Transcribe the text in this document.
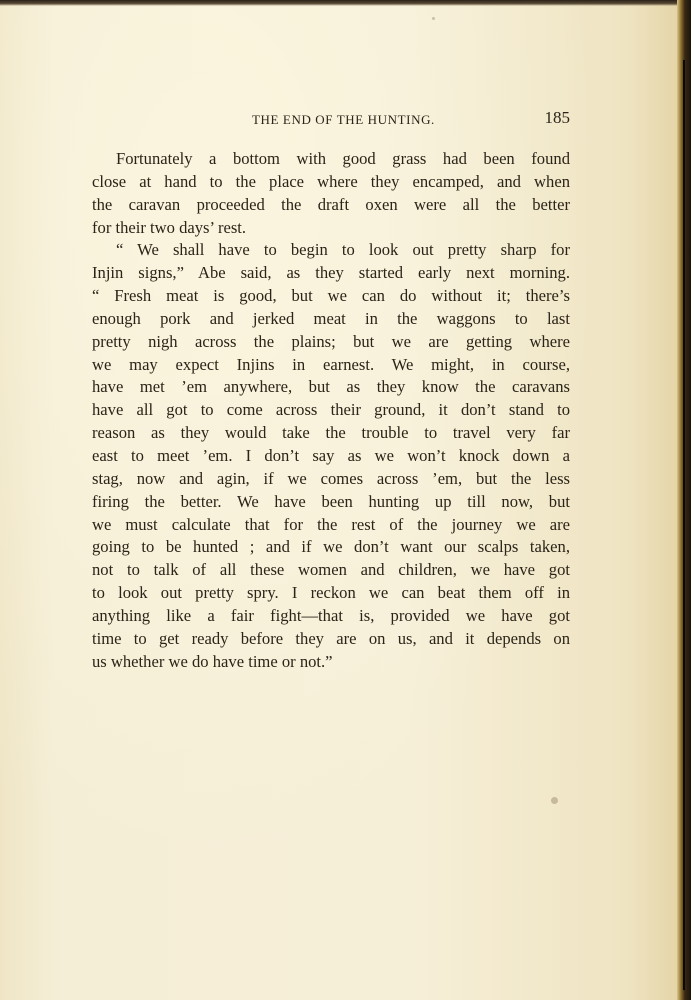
THE END OF THE HUNTING.	185
Fortunately a bottom with good grass had been found
close at hand to the place where they encamped, and when
the caravan proceeded the draft oxen were all the better
for their two days’ rest.
“ We shall have to begin to look out pretty sharp for
Injin signs,” Abe said, as they started early next morning.
“ Fresh meat is good, but we can do without it; there’s
enough pork and jerked meat in the waggons to last
pretty nigh across the plains; but we are getting where
we may expect Injins in earnest. We might, in course,
have met ’em anywhere, but as they know the caravans
have all got to come across their ground, it don’t stand to
reason as they would take the trouble to travel very far
east to meet ’em. I don’t say as we won’t knock down a
stag, now and agin, if we comes across ’em, but the less
firing the better. We have been hunting up till now, but
we must calculate that for the rest of the journey we are
going to be hunted ; and if we don’t want our scalps taken,
not to talk of all these women and children, we have got
to look out pretty spry. I reckon we can beat them off in
anything like a fair fight—that is, provided we have got
time to get ready before they are on us, and it depends on
us whether we do have time or not.”
